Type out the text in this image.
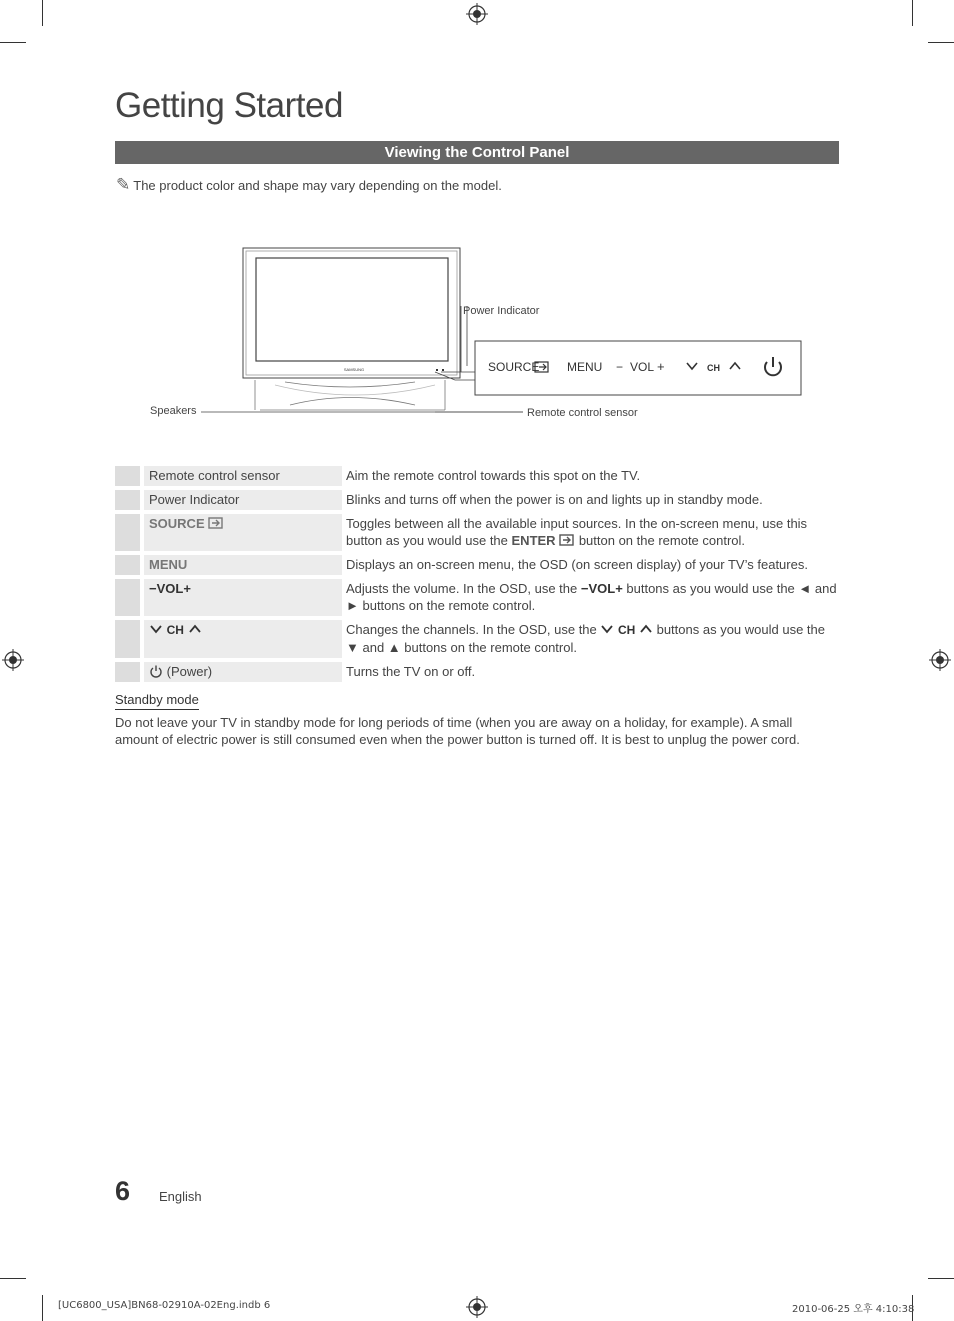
Getting Started
Viewing the Control Panel
✎ The product color and shape may vary depending on the model.
SAMSUNG	SOURCE MENU − VOL +	CH
Power Indicator
Speakers	Remote control sensor
	Remote control sensor	Aim the remote control towards this spot on the TV.
	Power Indicator	Blinks and turns off when the power is on and lights up in standby mode.
	SOURCE	Toggles between all the available input sources. In the on-screen menu, use this button as you would use the ENTER  button on the remote control.
	MENU	Displays an on-screen menu, the OSD (on screen display) of your TV’s features.
	−VOL+	Adjusts the volume. In the OSD, use the −VOL+ buttons as you would use the ◄ and ► buttons on the remote control.
	CH	Changes the channels. In the OSD, use the  CH  buttons as you would use the ▼ and ▲ buttons on the remote control.
	(Power)	Turns the TV on or off.
Standby mode
Do not leave your TV in standby mode for long periods of time (when you are away on a holiday, for example). A small amount of electric power is still consumed even when the power button is turned off. It is best to unplug the power cord.
6 English
[UC6800_USA]BN68-02910A-02Eng.indb 6	2010-06-25 오후 4:10:38
